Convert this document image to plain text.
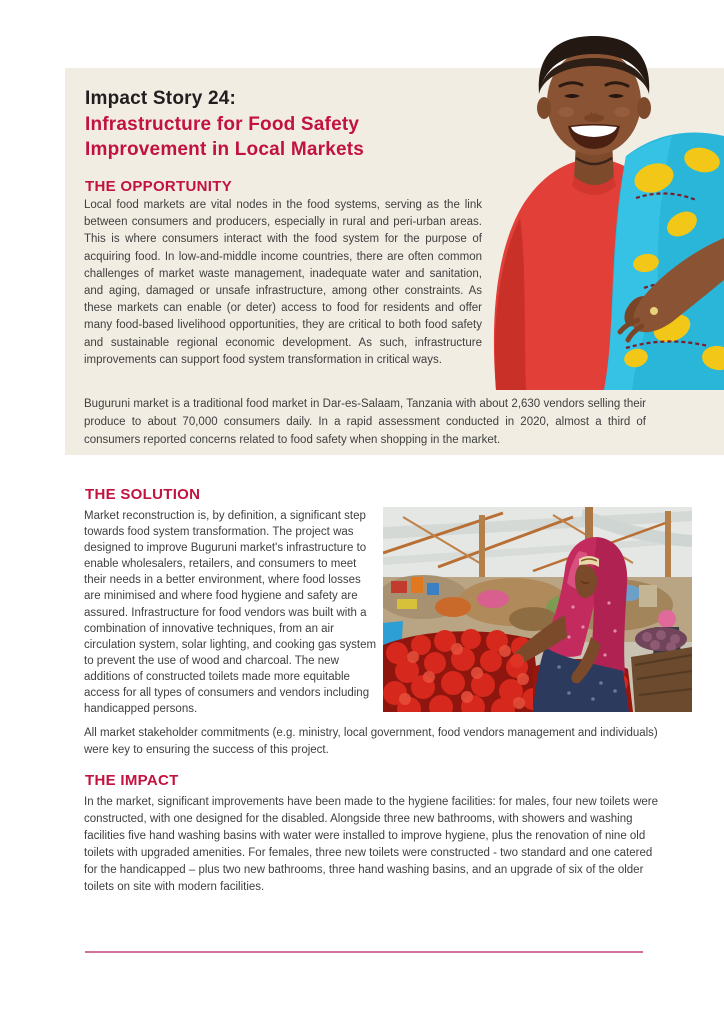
Impact Story 24:
Infrastructure for Food Safety
Improvement in Local Markets
THE OPPORTUNITY

Local food markets are vital nodes in the food systems, serving as the link between consumers and producers, especially in rural and peri-urban areas. This is where consumers interact with the food system for the purpose of acquiring food. In low-and-middle income countries, there are often common challenges of market waste management, inadequate water and sanitation, and aging, damaged or unsafe infrastructure, among other constraints. As these markets can enable (or deter) access to food for residents and offer many food-based livelihood opportunities, they are critical to both food safety and sustainable regional economic development. As such, infrastructure improvements can support food system transformation in critical ways.

Buguruni market is a traditional food market in Dar-es-Salaam, Tanzania with about 2,630 vendors selling their produce to about 70,000 consumers daily. In a rapid assessment conducted in 2020, almost a third of consumers reported concerns related to food safety when shopping in the market.

THE SOLUTION

Market reconstruction is, by definition, a significant step towards food system transformation. The project was designed to improve Buguruni market's infrastructure to enable wholesalers, retailers, and consumers to meet their needs in a better environment, where food losses are minimised and where food hygiene and safety are assured. Infrastructure for food vendors was built with a combination of innovative techniques, from an air circulation system, solar lighting, and cooking gas system to prevent the use of wood and charcoal. The new additions of constructed toilets made more equitable access for all types of consumers and vendors including handicapped persons.

All market stakeholder commitments (e.g. ministry, local government, food vendors management and individuals) were key to ensuring the success of this project.

THE IMPACT

In the market, significant improvements have been made to the hygiene facilities: for males, four new toilets were constructed, with one designed for the disabled. Alongside three new bathrooms, with showers and washing facilities five hand washing basins with water were installed to improve hygiene, plus the renovation of nine old toilets with upgraded amenities. For females, three new toilets were constructed - two standard and one catered for the handicapped – plus two new bathrooms, three hand washing basins, and an upgrade of six of the older toilets on site with modern facilities.
